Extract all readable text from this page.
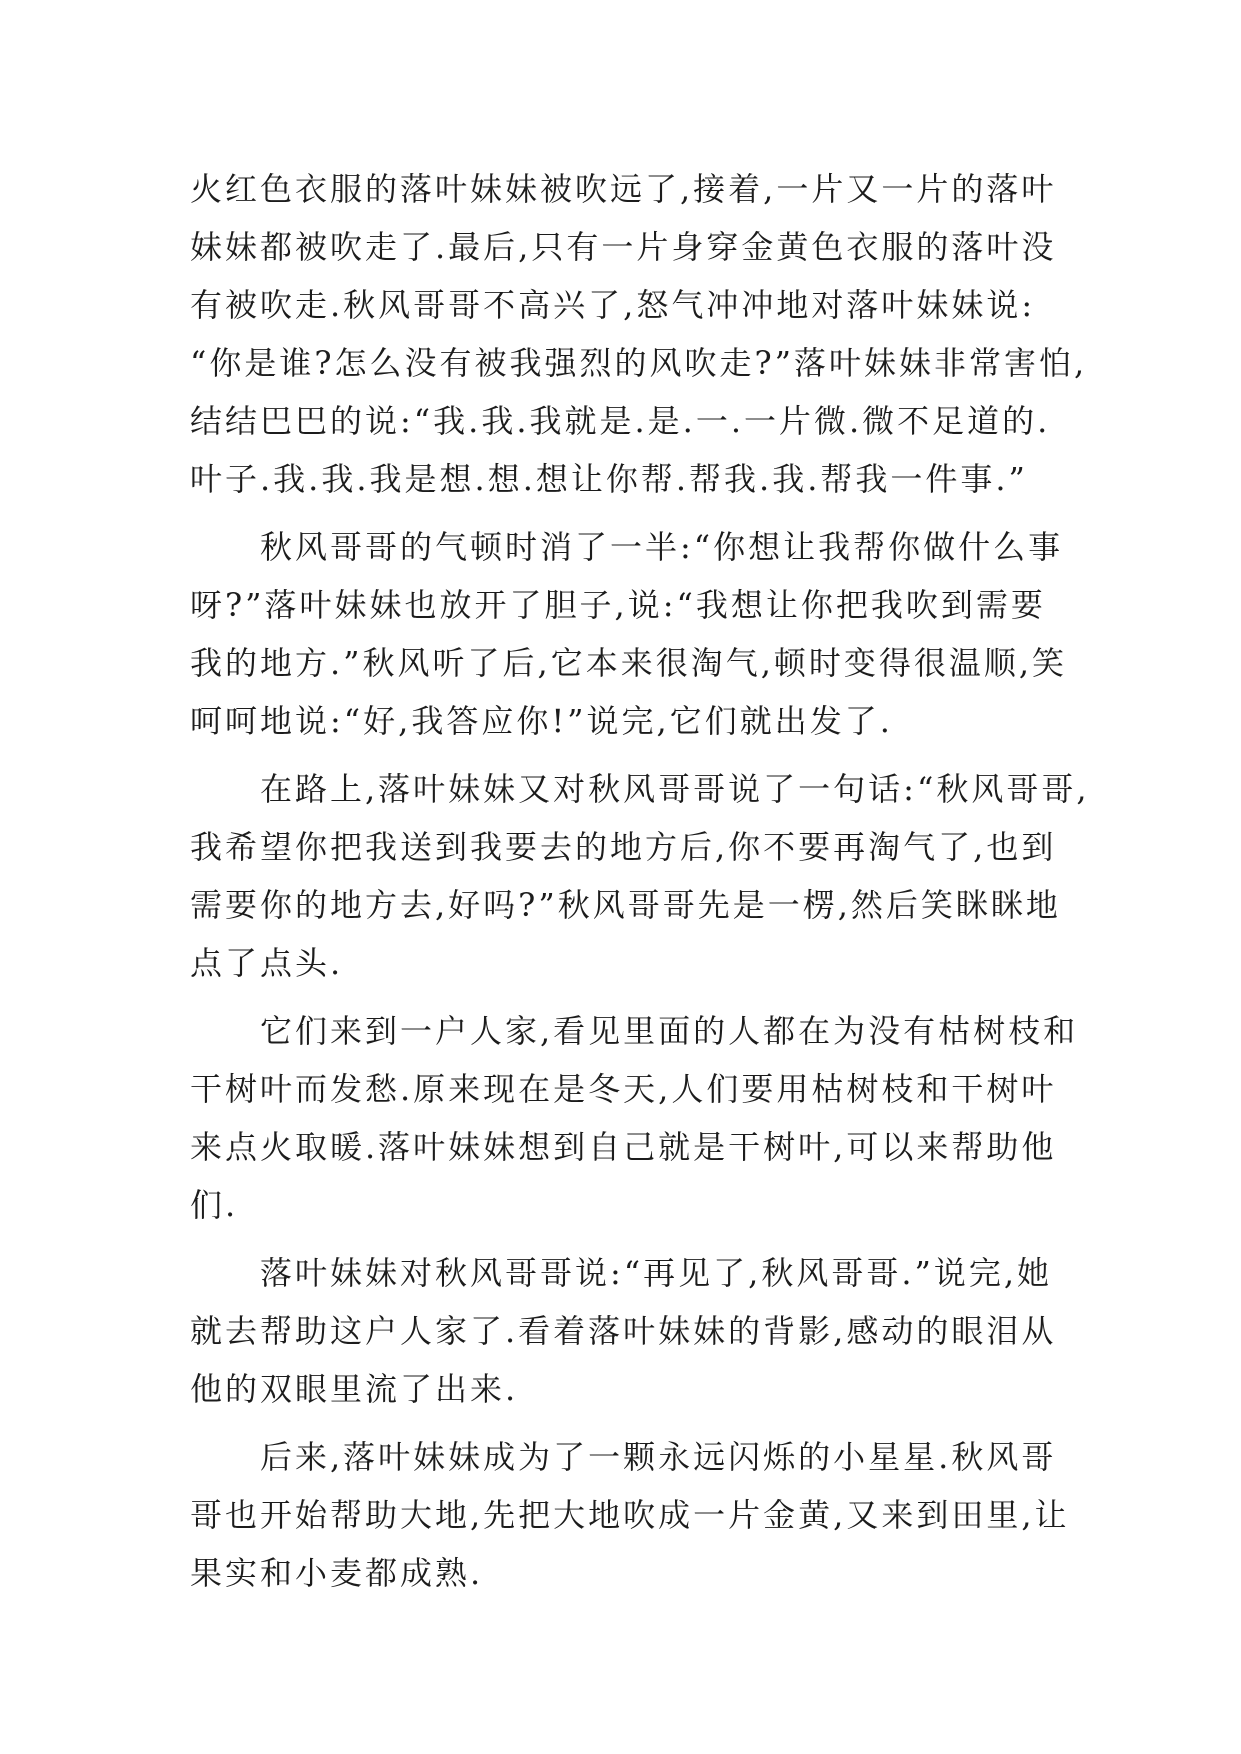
火红色衣服的落叶妹妹被吹远了,接着,一片又一片的落叶
妹妹都被吹走了.最后,只有一片身穿金黄色衣服的落叶没
有被吹走.秋风哥哥不高兴了,怒气冲冲地对落叶妹妹说:
“你是谁?怎么没有被我强烈的风吹走?”落叶妹妹非常害怕,
结结巴巴的说:“我.我.我就是.是.一.一片微.微不足道的.
叶子.我.我.我是想.想.想让你帮.帮我.我.帮我一件事.”
　　秋风哥哥的气顿时消了一半:“你想让我帮你做什么事
呀?”落叶妹妹也放开了胆子,说:“我想让你把我吹到需要
我的地方.”秋风听了后,它本来很淘气,顿时变得很温顺,笑
呵呵地说:“好,我答应你!”说完,它们就出发了.
　　在路上,落叶妹妹又对秋风哥哥说了一句话:“秋风哥哥,
我希望你把我送到我要去的地方后,你不要再淘气了,也到
需要你的地方去,好吗?”秋风哥哥先是一楞,然后笑眯眯地
点了点头.
　　它们来到一户人家,看见里面的人都在为没有枯树枝和
干树叶而发愁.原来现在是冬天,人们要用枯树枝和干树叶
来点火取暖.落叶妹妹想到自己就是干树叶,可以来帮助他
们.
　　落叶妹妹对秋风哥哥说:“再见了,秋风哥哥.”说完,她
就去帮助这户人家了.看着落叶妹妹的背影,感动的眼泪从
他的双眼里流了出来.
　　后来,落叶妹妹成为了一颗永远闪烁的小星星.秋风哥
哥也开始帮助大地,先把大地吹成一片金黄,又来到田里,让
果实和小麦都成熟.
